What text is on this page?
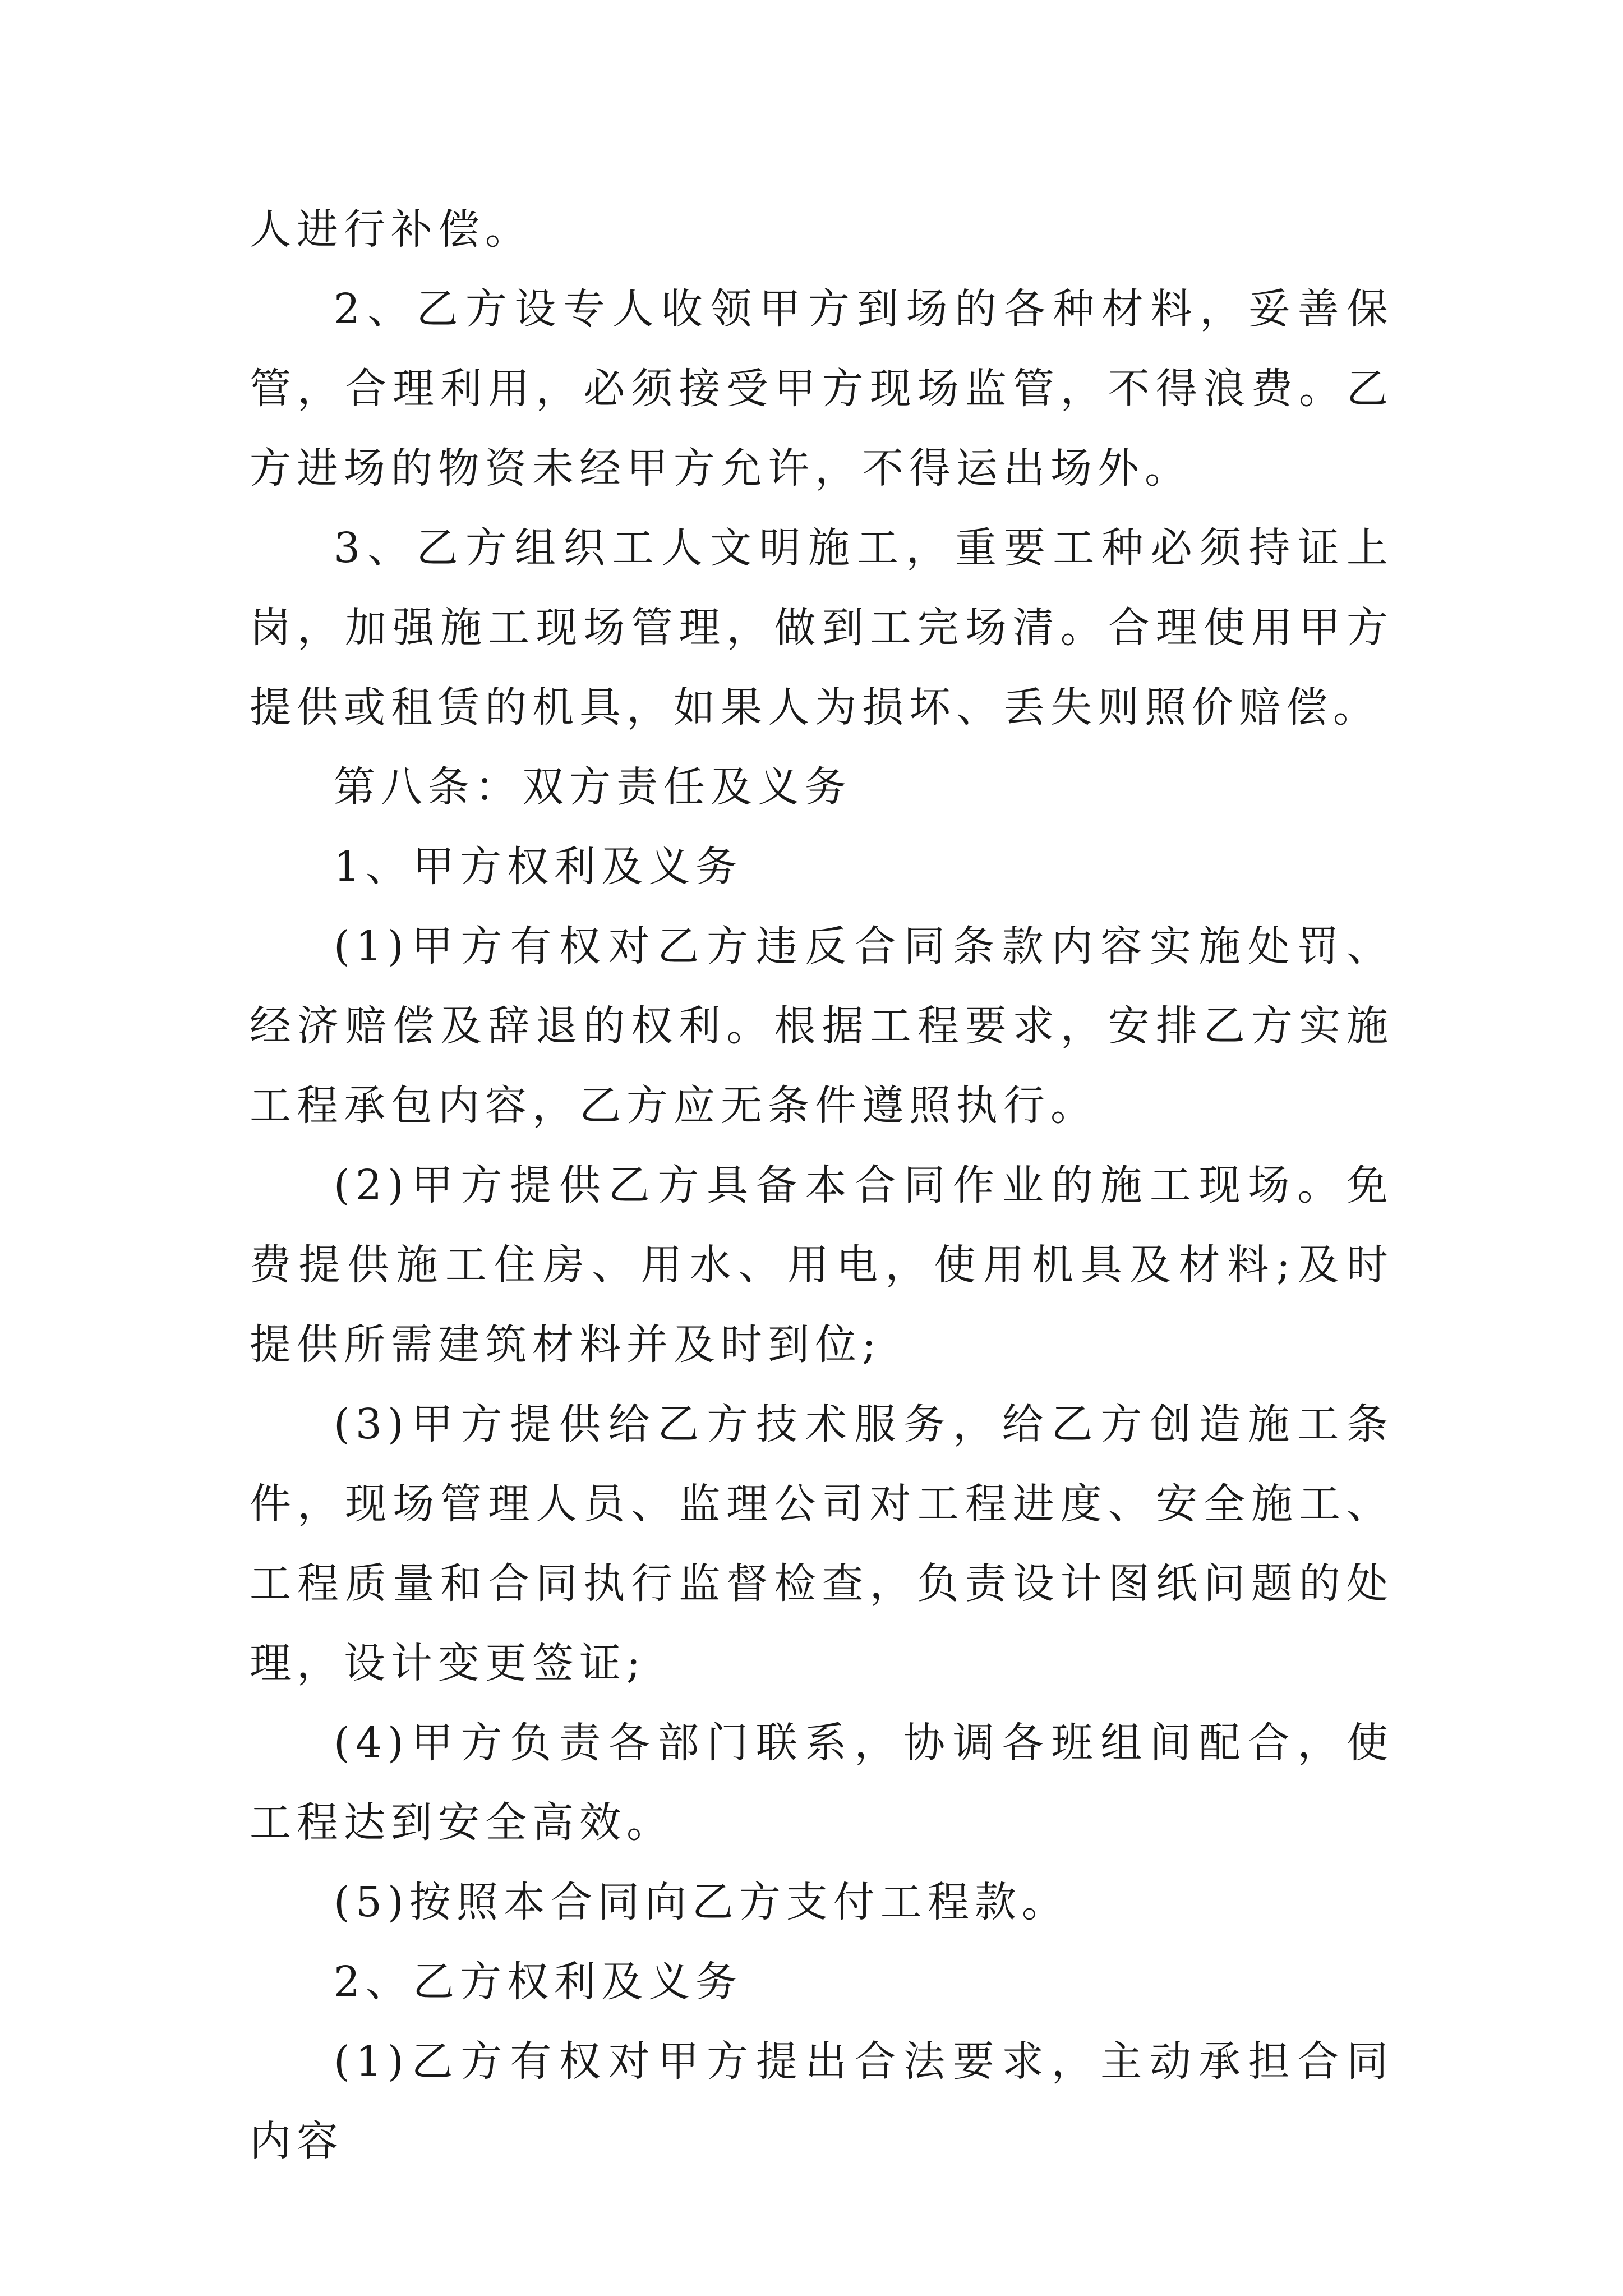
人进行补偿。

2、乙方设专人收领甲方到场的各种材料，妥善保管，合理利用，必须接受甲方现场监管，不得浪费。乙方进场的物资未经甲方允许，不得运出场外。

3、乙方组织工人文明施工，重要工种必须持证上岗，加强施工现场管理，做到工完场清。合理使用甲方提供或租赁的机具，如果人为损坏、丢失则照价赔偿。

第八条：双方责任及义务

1、甲方权利及义务

(1)甲方有权对乙方违反合同条款内容实施处罚、经济赔偿及辞退的权利。根据工程要求，安排乙方实施工程承包内容，乙方应无条件遵照执行。

(2)甲方提供乙方具备本合同作业的施工现场。免费提供施工住房、用水、用电，使用机具及材料;及时提供所需建筑材料并及时到位;

(3)甲方提供给乙方技术服务，给乙方创造施工条件，现场管理人员、监理公司对工程进度、安全施工、工程质量和合同执行监督检查，负责设计图纸问题的处理，设计变更签证;

(4)甲方负责各部门联系，协调各班组间配合，使工程达到安全高效。

(5)按照本合同向乙方支付工程款。

2、乙方权利及义务

(1)乙方有权对甲方提出合法要求，主动承担合同内容
